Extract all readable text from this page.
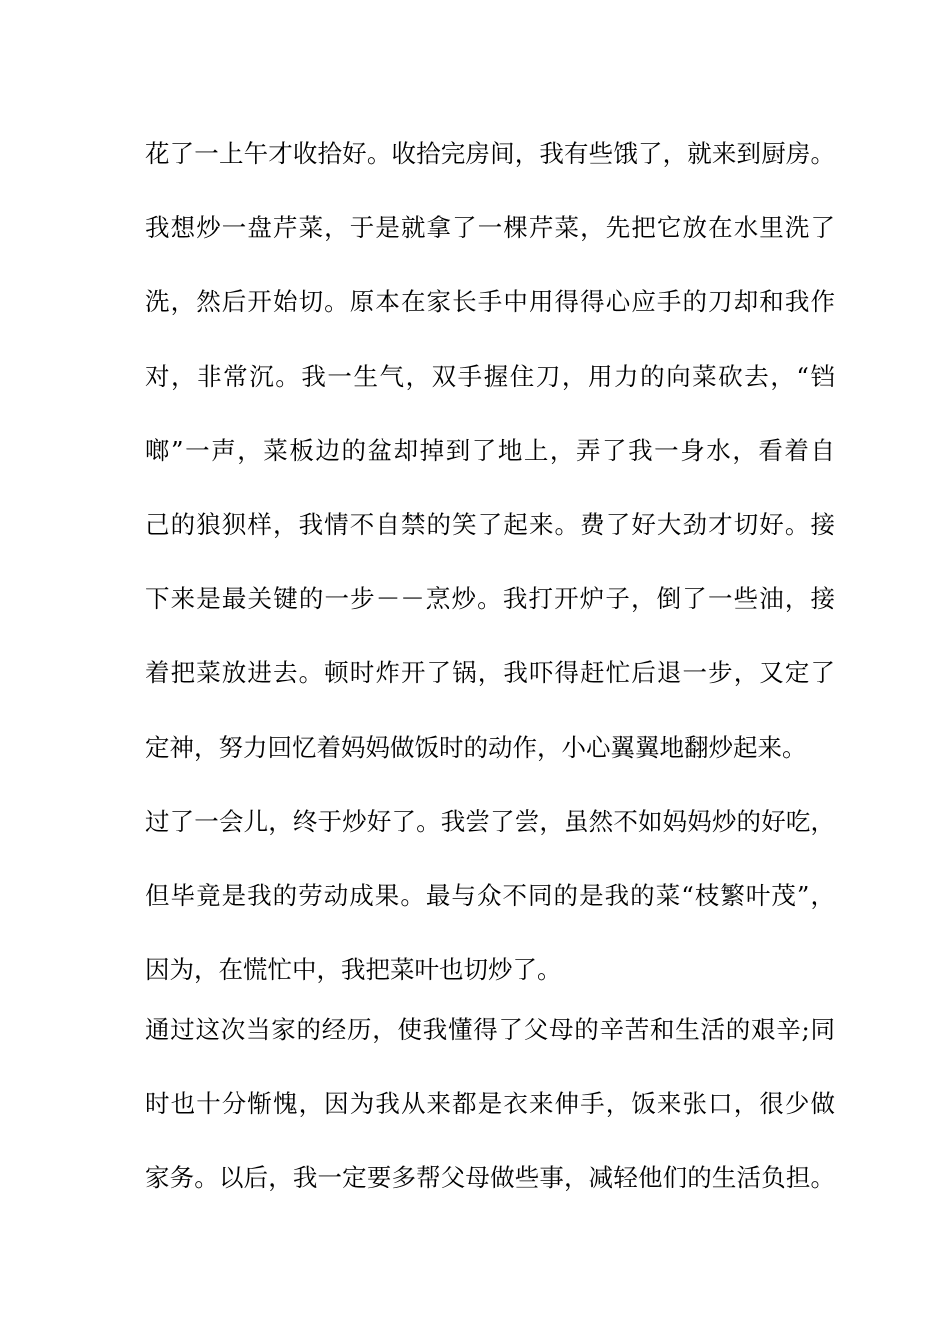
花了一上午才收拾好。收拾完房间，我有些饿了，就来到厨房。
我想炒一盘芹菜，于是就拿了一棵芹菜，先把它放在水里洗了
洗，然后开始切。原本在家长手中用得得心应手的刀却和我作
对，非常沉。我一生气，双手握住刀，用力的向菜砍去，“铛
啷”一声，菜板边的盆却掉到了地上，弄了我一身水，看着自
己的狼狈样，我情不自禁的笑了起来。费了好大劲才切好。接
下来是最关键的一步－－烹炒。我打开炉子，倒了一些油，接
着把菜放进去。顿时炸开了锅，我吓得赶忙后退一步，又定了
定神，努力回忆着妈妈做饭时的动作，小心翼翼地翻炒起来。
过了一会儿，终于炒好了。我尝了尝，虽然不如妈妈炒的好吃，
但毕竟是我的劳动成果。最与众不同的是我的菜“枝繁叶茂”，
因为，在慌忙中，我把菜叶也切炒了。
通过这次当家的经历，使我懂得了父母的辛苦和生活的艰辛;同
时也十分惭愧，因为我从来都是衣来伸手，饭来张口，很少做
家务。以后，我一定要多帮父母做些事，减轻他们的生活负担。
